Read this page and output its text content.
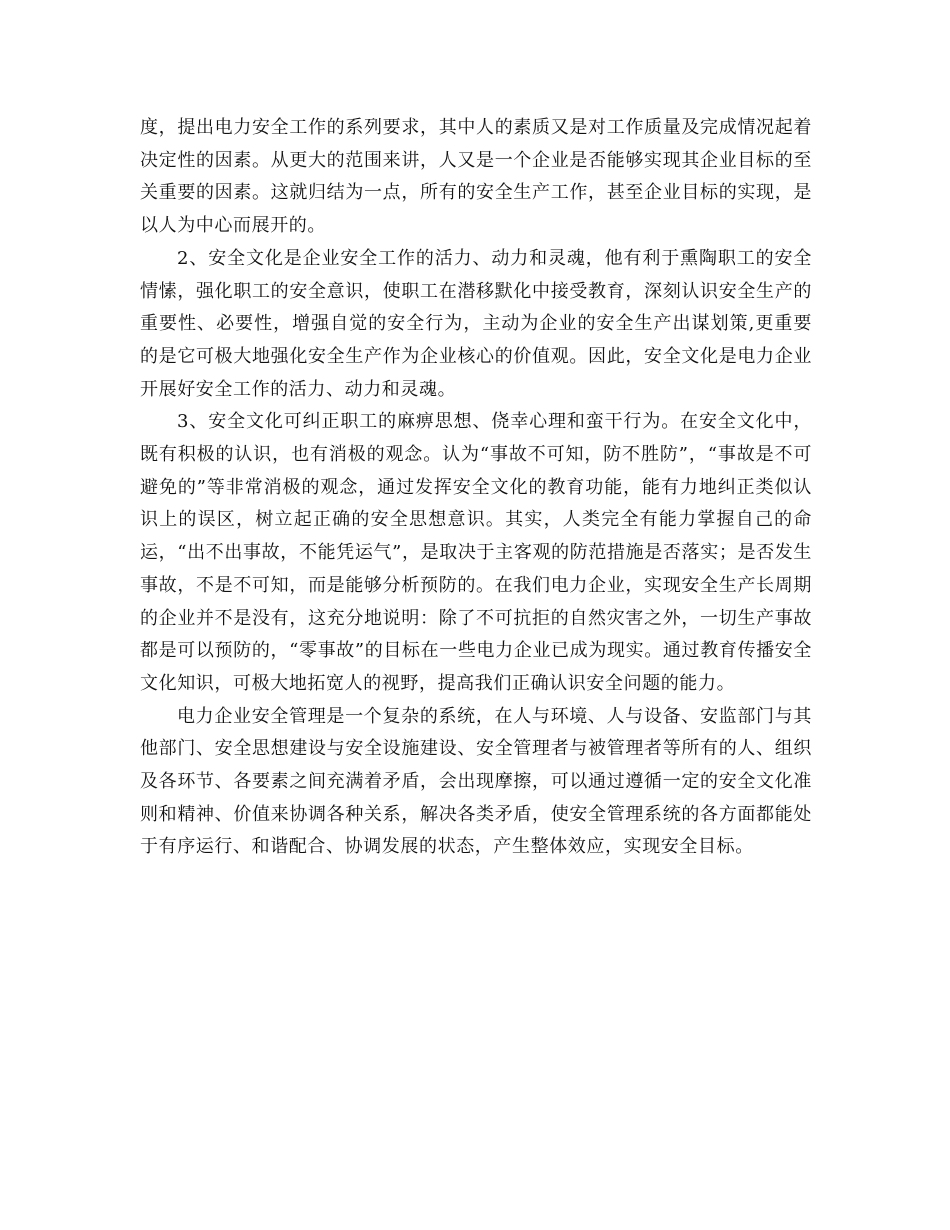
度，提出电力安全工作的系列要求，其中人的素质又是对工作质量及完成情况起着决定性的因素。从更大的范围来讲，人又是一个企业是否能够实现其企业目标的至关重要的因素。这就归结为一点，所有的安全生产工作，甚至企业目标的实现，是以人为中心而展开的。

2、安全文化是企业安全工作的活力、动力和灵魂，他有利于熏陶职工的安全情愫，强化职工的安全意识，使职工在潜移默化中接受教育，深刻认识安全生产的重要性、必要性，增强自觉的安全行为，主动为企业的安全生产出谋划策,更重要的是它可极大地强化安全生产作为企业核心的价值观。因此，安全文化是电力企业开展好安全工作的活力、动力和灵魂。

3、安全文化可纠正职工的麻痹思想、侥幸心理和蛮干行为。在安全文化中，既有积极的认识，也有消极的观念。认为“事故不可知，防不胜防”，“事故是不可避免的”等非常消极的观念，通过发挥安全文化的教育功能，能有力地纠正类似认识上的误区，树立起正确的安全思想意识。其实，人类完全有能力掌握自己的命运，“出不出事故，不能凭运气”，是取决于主客观的防范措施是否落实；是否发生事故，不是不可知，而是能够分析预防的。在我们电力企业，实现安全生产长周期的企业并不是没有，这充分地说明：除了不可抗拒的自然灾害之外，一切生产事故都是可以预防的，“零事故”的目标在一些电力企业已成为现实。通过教育传播安全文化知识，可极大地拓宽人的视野，提高我们正确认识安全问题的能力。

电力企业安全管理是一个复杂的系统，在人与环境、人与设备、安监部门与其他部门、安全思想建设与安全设施建设、安全管理者与被管理者等所有的人、组织及各环节、各要素之间充满着矛盾，会出现摩擦，可以通过遵循一定的安全文化准则和精神、价值来协调各种关系，解决各类矛盾，使安全管理系统的各方面都能处于有序运行、和谐配合、协调发展的状态，产生整体效应，实现安全目标。
